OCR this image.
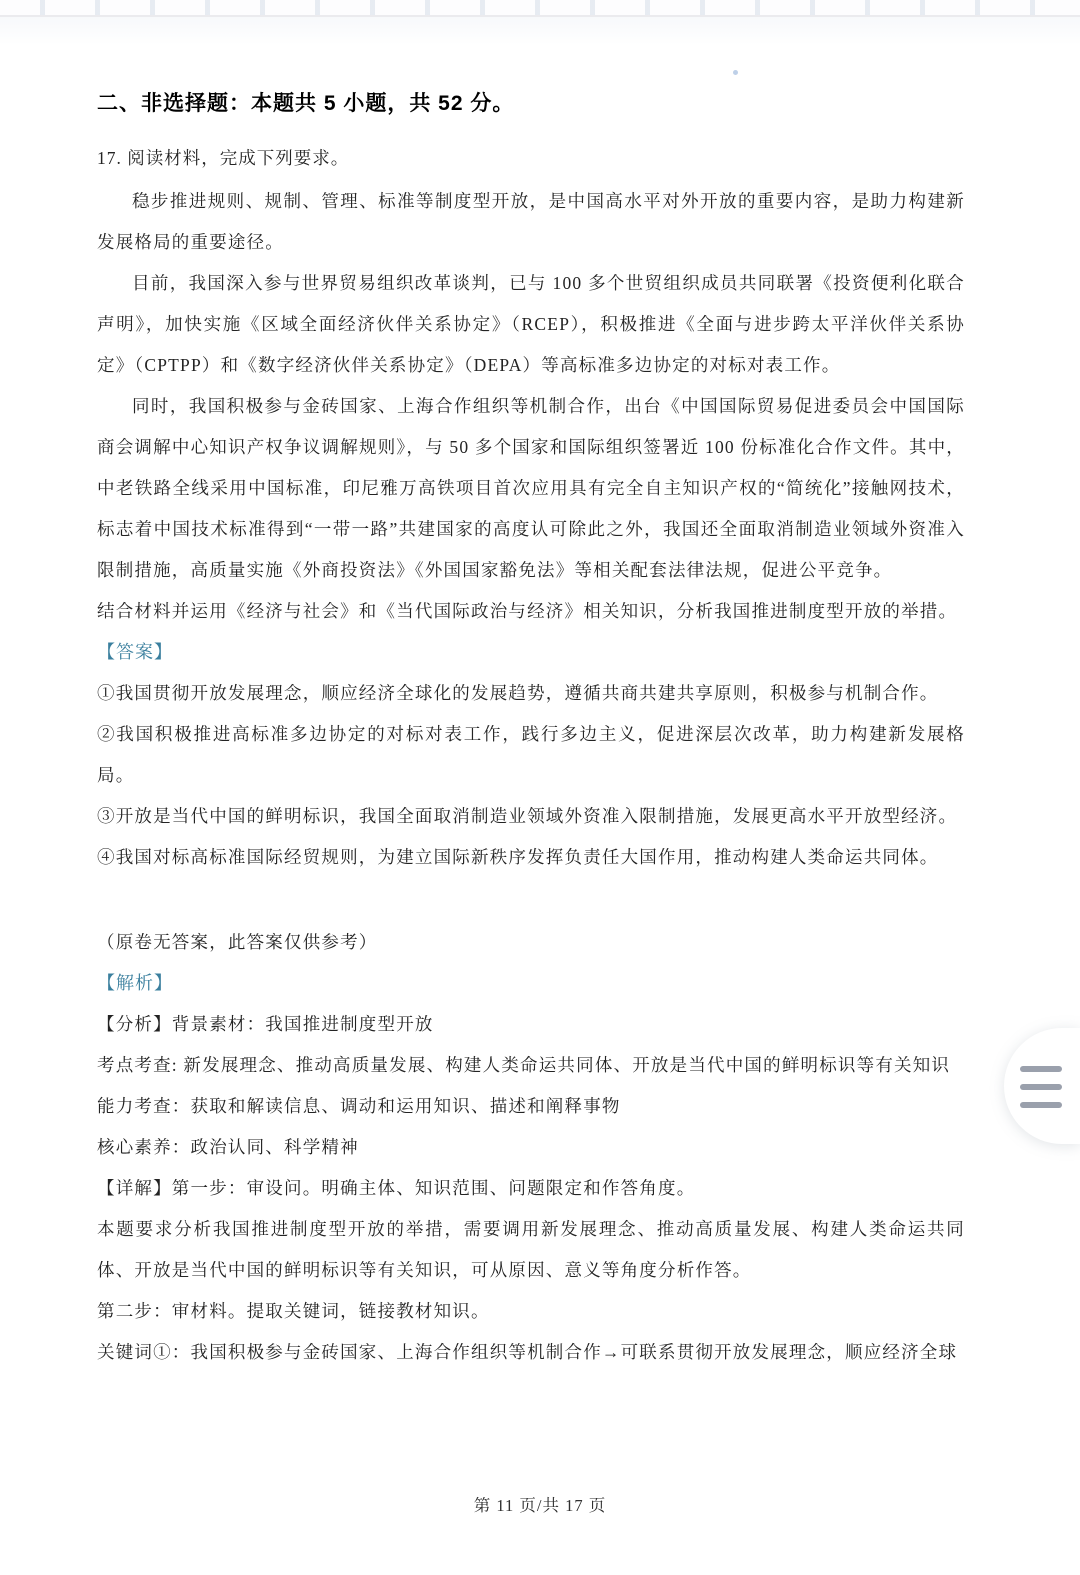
二、非选择题：本题共 5 小题，共 52 分。

17. 阅读材料，完成下列要求。

稳步推进规则、规制、管理、标准等制度型开放，是中国高水平对外开放的重要内容，是助力构建新发展格局的重要途径。

目前，我国深入参与世界贸易组织改革谈判，已与 100 多个世贸组织成员共同联署《投资便利化联合声明》，加快实施《区域全面经济伙伴关系协定》（RCEP），积极推进《全面与进步跨太平洋伙伴关系协定》（CPTPP）和《数字经济伙伴关系协定》（DEPA）等高标准多边协定的对标对表工作。

同时，我国积极参与金砖国家、上海合作组织等机制合作，出台《中国国际贸易促进委员会中国国际商会调解中心知识产权争议调解规则》，与 50 多个国家和国际组织签署近 100 份标准化合作文件。其中，中老铁路全线采用中国标准，印尼雅万高铁项目首次应用具有完全自主知识产权的“简统化”接触网技术，标志着中国技术标准得到“一带一路”共建国家的高度认可除此之外，我国还全面取消制造业领域外资准入限制措施，高质量实施《外商投资法》《外国国家豁免法》等相关配套法律法规，促进公平竞争。

结合材料并运用《经济与社会》和《当代国际政治与经济》相关知识，分析我国推进制度型开放的举措。

【答案】

①我国贯彻开放发展理念，顺应经济全球化的发展趋势，遵循共商共建共享原则，积极参与机制合作。

②我国积极推进高标准多边协定的对标对表工作，践行多边主义，促进深层次改革，助力构建新发展格局。

③开放是当代中国的鲜明标识，我国全面取消制造业领域外资准入限制措施，发展更高水平开放型经济。

④我国对标高标准国际经贸规则，为建立国际新秩序发挥负责任大国作用，推动构建人类命运共同体。

（原卷无答案，此答案仅供参考）

【解析】

【分析】背景素材：我国推进制度型开放

考点考查: 新发展理念、推动高质量发展、构建人类命运共同体、开放是当代中国的鲜明标识等有关知识

能力考查：获取和解读信息、调动和运用知识、描述和阐释事物

核心素养：政治认同、科学精神

【详解】第一步：审设问。明确主体、知识范围、问题限定和作答角度。

本题要求分析我国推进制度型开放的举措，需要调用新发展理念、推动高质量发展、构建人类命运共同体、开放是当代中国的鲜明标识等有关知识，可从原因、意义等角度分析作答。

第二步：审材料。提取关键词，链接教材知识。

关键词①：我国积极参与金砖国家、上海合作组织等机制合作→可联系贯彻开放发展理念，顺应经济全球

第 11 页/共 17 页
